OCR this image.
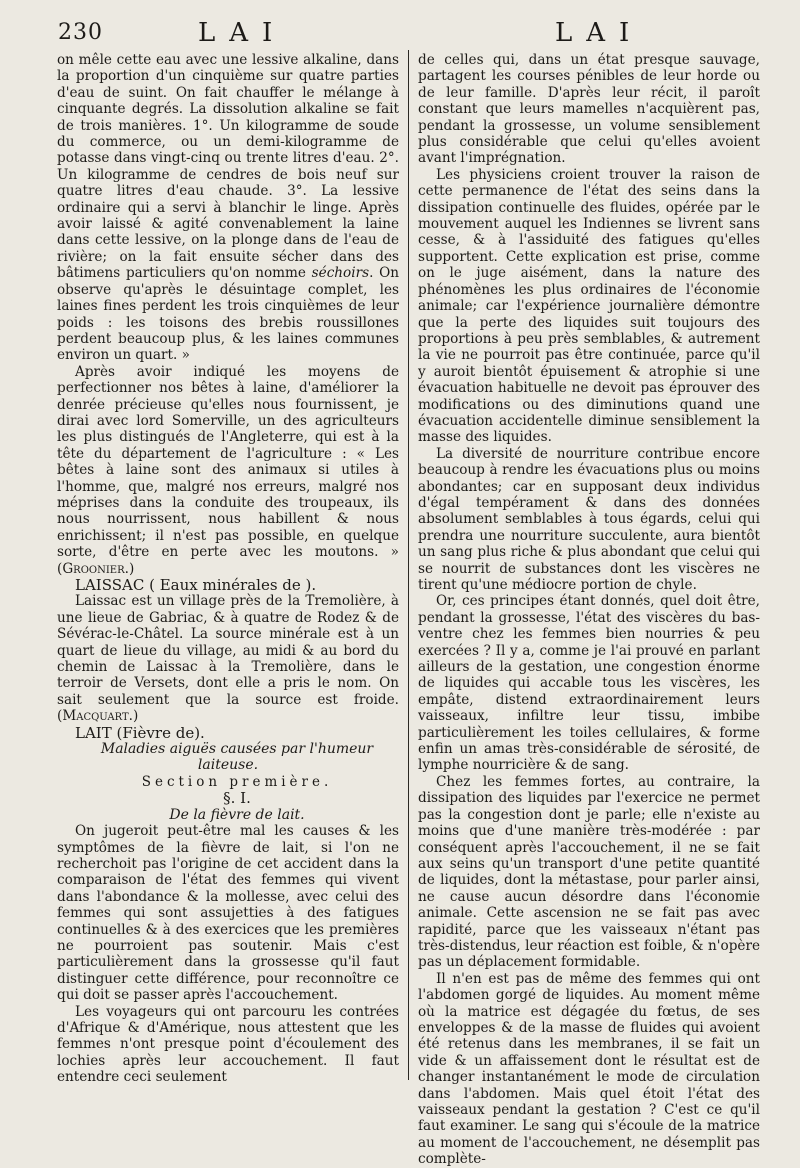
230	LAI	LAI

on mêle cette eau avec une lessive alkaline, dans la proportion d'un cinquième sur quatre parties d'eau de suint. On fait chauffer le mélange à cinquante degrés. La dissolution alkaline se fait de trois manières. 1°. Un kilogramme de soude du commerce, ou un demi-kilogramme de potasse dans vingt-cinq ou trente litres d'eau. 2°. Un kilogramme de cendres de bois neuf sur quatre litres d'eau chaude. 3°. La lessive ordinaire qui a servi à blanchir le linge. Après avoir laissé & agité convenablement la laine dans cette lessive, on la plonge dans de l'eau de rivière; on la fait ensuite sécher dans des bâtimens particuliers qu'on nomme séchoirs. On observe qu'après le désuintage complet, les laines fines perdent les trois cinquièmes de leur poids : les toisons des brebis roussillones perdent beaucoup plus, & les laines communes environ un quart. »

Après avoir indiqué les moyens de perfectionner nos bêtes à laine, d'améliorer la denrée précieuse qu'elles nous fournissent, je dirai avec lord Somerville, un des agriculteurs les plus distingués de l'Angleterre, qui est à la tête du département de l'agriculture : « Les bêtes à laine sont des animaux si utiles à l'homme, que, malgré nos erreurs, malgré nos méprises dans la conduite des troupeaux, ils nous nourrissent, nous habillent & nous enrichissent; il n'est pas possible, en quelque sorte, d'être en perte avec les moutons. » (Groonier.)

LAISSAC ( Eaux minérales de ).

Laissac est un village près de la Tremolière, à une lieue de Gabriac, & à quatre de Rodez & de Sévérac-le-Châtel. La source minérale est à un quart de lieue du village, au midi & au bord du chemin de Laissac à la Tremolière, dans le terroir de Versets, dont elle a pris le nom. On sait seulement que la source est froide. (Macquart.)

LAIT (Fièvre de).

Maladies aiguës causées par l'humeur laiteuse.

Section première.

§. I.

De la fièvre de lait.

On jugeroit peut-être mal les causes & les symptômes de la fièvre de lait, si l'on ne recherchoit pas l'origine de cet accident dans la comparaison de l'état des femmes qui vivent dans l'abondance & la mollesse, avec celui des femmes qui sont assujetties à des fatigues continuelles & à des exercices que les premières ne pourroient pas soutenir. Mais c'est particulièrement dans la grossesse qu'il faut distinguer cette différence, pour reconnoître ce qui doit se passer après l'accouchement.

Les voyageurs qui ont parcouru les contrées d'Afrique & d'Amérique, nous attestent que les femmes n'ont presque point d'écoulement des lochies après leur accouchement. Il faut entendre ceci seulement

de celles qui, dans un état presque sauvage, partagent les courses pénibles de leur horde ou de leur famille. D'après leur récit, il paroît constant que leurs mamelles n'acquièrent pas, pendant la grossesse, un volume sensiblement plus considérable que celui qu'elles avoient avant l'imprégnation.

Les physiciens croient trouver la raison de cette permanence de l'état des seins dans la dissipation continuelle des fluides, opérée par le mouvement auquel les Indiennes se livrent sans cesse, & à l'assiduité des fatigues qu'elles supportent. Cette explication est prise, comme on le juge aisément, dans la nature des phénomènes les plus ordinaires de l'économie animale; car l'expérience journalière démontre que la perte des liquides suit toujours des proportions à peu près semblables, & autrement la vie ne pourroit pas être continuée, parce qu'il y auroit bientôt épuisement & atrophie si une évacuation habituelle ne devoit pas éprouver des modifications ou des diminutions quand une évacuation accidentelle diminue sensiblement la masse des liquides.

La diversité de nourriture contribue encore beaucoup à rendre les évacuations plus ou moins abondantes; car en supposant deux individus d'égal tempérament & dans des données absolument semblables à tous égards, celui qui prendra une nourriture succulente, aura bientôt un sang plus riche & plus abondant que celui qui se nourrit de substances dont les viscères ne tirent qu'une médiocre portion de chyle.

Or, ces principes étant donnés, quel doit être, pendant la grossesse, l'état des viscères du bas-ventre chez les femmes bien nourries & peu exercées ? Il y a, comme je l'ai prouvé en parlant ailleurs de la gestation, une congestion énorme de liquides qui accable tous les viscères, les empâte, distend extraordinairement leurs vaisseaux, infiltre leur tissu, imbibe particulièrement les toiles cellulaires, & forme enfin un amas très-considérable de sérosité, de lymphe nourricière & de sang.

Chez les femmes fortes, au contraire, la dissipation des liquides par l'exercice ne permet pas la congestion dont je parle; elle n'existe au moins que d'une manière très-modérée : par conséquent après l'accouchement, il ne se fait aux seins qu'un transport d'une petite quantité de liquides, dont la métastase, pour parler ainsi, ne cause aucun désordre dans l'économie animale. Cette ascension ne se fait pas avec rapidité, parce que les vaisseaux n'étant pas très-distendus, leur réaction est foible, & n'opère pas un déplacement formidable.

Il n'en est pas de même des femmes qui ont l'abdomen gorgé de liquides. Au moment même où la matrice est dégagée du fœtus, de ses enveloppes & de la masse de fluides qui avoient été retenus dans les membranes, il se fait un vide & un affaissement dont le résultat est de changer instantanément le mode de circulation dans l'abdomen. Mais quel étoit l'état des vaisseaux pendant la gestation ? C'est ce qu'il faut examiner. Le sang qui s'écoule de la matrice au moment de l'accouchement, ne désemplit pas complète-
